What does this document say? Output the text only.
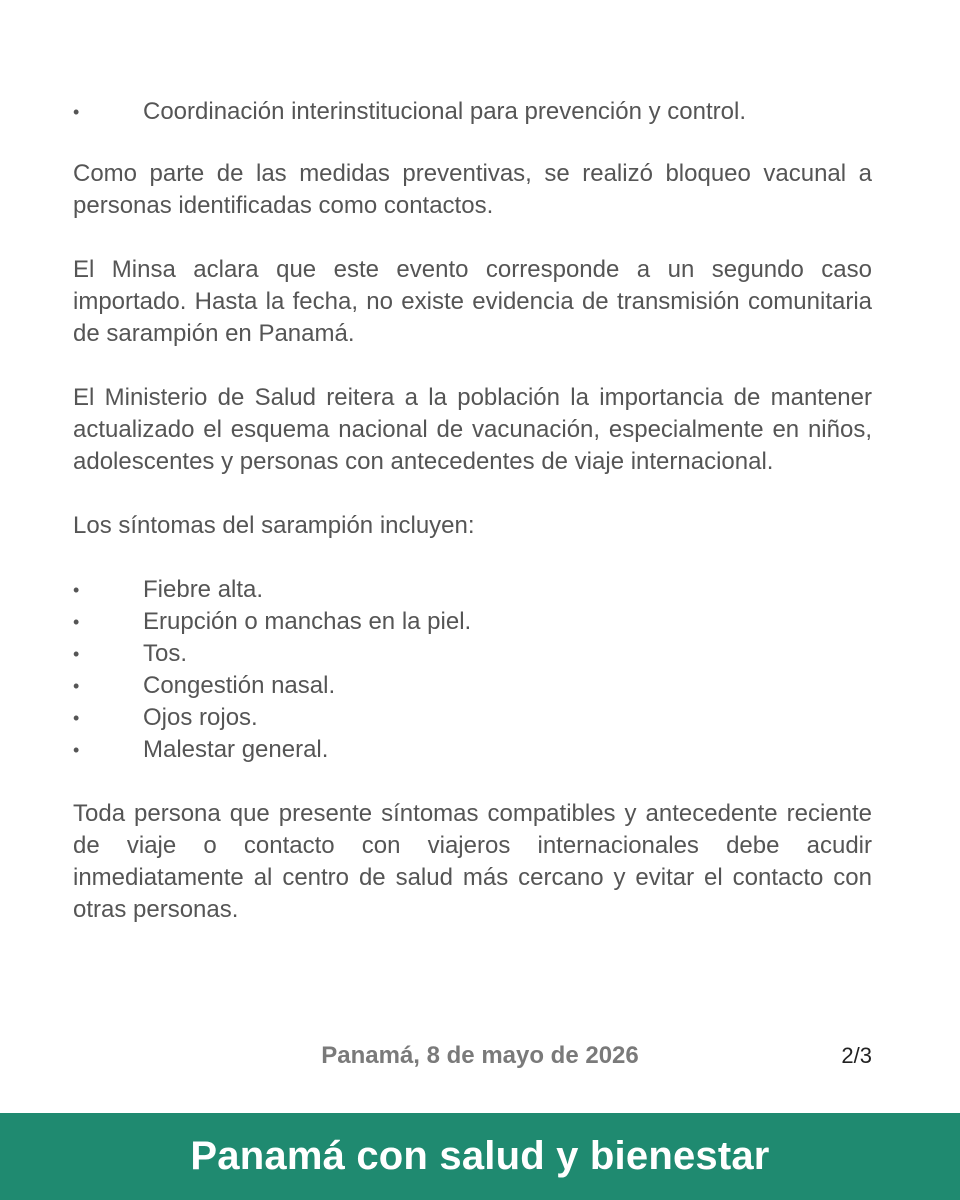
•	Coordinación interinstitucional para prevención y control.

Como parte de las medidas preventivas, se realizó bloqueo vacunal a personas identificadas como contactos.

El Minsa aclara que este evento corresponde a un segundo caso importado. Hasta la fecha, no existe evidencia de transmisión comunitaria de sarampión en Panamá.

El Ministerio de Salud reitera a la población la importancia de mantener actualizado el esquema nacional de vacunación, especialmente en niños, adolescentes y personas con antecedentes de viaje internacional.

Los síntomas del sarampión incluyen:

•	Fiebre alta.
•	Erupción o manchas en la piel.
•	Tos.
•	Congestión nasal.
•	Ojos rojos.
•	Malestar general.

Toda persona que presente síntomas compatibles y antecedente reciente de viaje o contacto con viajeros internacionales debe acudir inmediatamente al centro de salud más cercano y evitar el contacto con otras personas.

Panamá, 8 de mayo de 2026	2/3
Panamá con salud y bienestar
